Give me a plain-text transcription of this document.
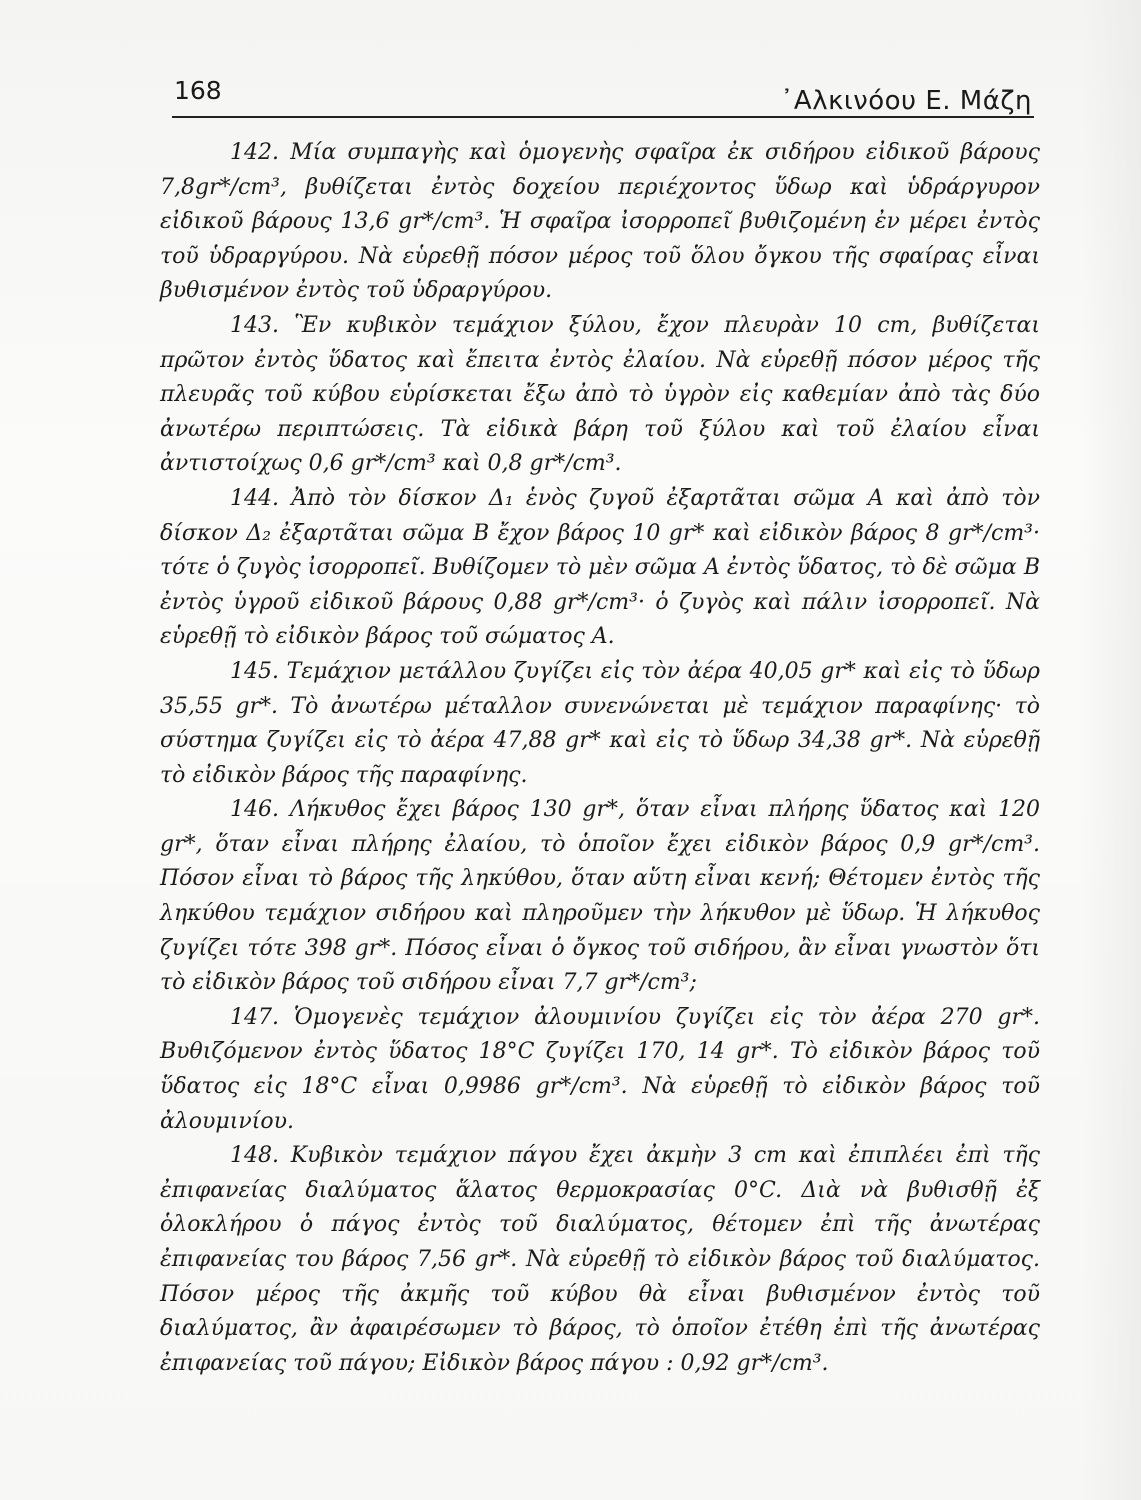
168	᾿Αλκινόου Ε. Μάζη

142. Μία συμπαγὴς καὶ ὁμογενὴς σφαῖρα ἐκ σιδήρου εἰδικοῦ βάρους 7,8gr*/cm³, βυθίζεται ἐντὸς δοχείου περιέχοντος ὕδωρ καὶ ὑδράργυρον εἰδικοῦ βάρους 13,6 gr*/cm³. Ἡ σφαῖρα ἰσορροπεῖ βυθιζομένη ἐν μέρει ἐντὸς τοῦ ὑδραργύρου. Νὰ εὑρεθῇ πόσον μέρος τοῦ ὅλου ὄγκου τῆς σφαίρας εἶναι βυθισμένον ἐντὸς τοῦ ὑδραργύρου.

143. Ἓν κυβικὸν τεμάχιον ξύλου, ἔχον πλευρὰν 10 cm, βυθίζεται πρῶτον ἐντὸς ὕδατος καὶ ἔπειτα ἐντὸς ἐλαίου. Νὰ εὑρεθῇ πόσον μέρος τῆς πλευρᾶς τοῦ κύβου εὑρίσκεται ἔξω ἀπὸ τὸ ὑγρὸν εἰς καθεμίαν ἀπὸ τὰς δύο ἀνωτέρω περιπτώσεις. Τὰ εἰδικὰ βάρη τοῦ ξύλου καὶ τοῦ ἐλαίου εἶναι ἀντιστοίχως 0,6 gr*/cm³ καὶ 0,8 gr*/cm³.

144. Ἀπὸ τὸν δίσκον Δ₁ ἑνὸς ζυγοῦ ἐξαρτᾶται σῶμα Α καὶ ἀπὸ τὸν δίσκον Δ₂ ἐξαρτᾶται σῶμα Β ἔχον βάρος 10 gr* καὶ εἰδικὸν βάρος 8 gr*/cm³· τότε ὁ ζυγὸς ἰσορροπεῖ. Βυθίζομεν τὸ μὲν σῶμα Α ἐντὸς ὕδατος, τὸ δὲ σῶμα Β ἐντὸς ὑγροῦ εἰδικοῦ βάρους 0,88 gr*/cm³· ὁ ζυγὸς καὶ πάλιν ἰσορροπεῖ. Νὰ εὑρεθῇ τὸ εἰδικὸν βάρος τοῦ σώματος Α.

145. Τεμάχιον μετάλλου ζυγίζει εἰς τὸν ἀέρα 40,05 gr* καὶ εἰς τὸ ὕδωρ 35,55 gr*. Τὸ ἀνωτέρω μέταλλον συνενώνεται μὲ τεμάχιον παραφίνης· τὸ σύστημα ζυγίζει εἰς τὸ ἀέρα 47,88 gr* καὶ εἰς τὸ ὕδωρ 34,38 gr*. Νὰ εὑρεθῇ τὸ εἰδικὸν βάρος τῆς παραφίνης.

146. Λήκυθος ἔχει βάρος 130 gr*, ὅταν εἶναι πλήρης ὕδατος καὶ 120 gr*, ὅταν εἶναι πλήρης ἐλαίου, τὸ ὁποῖον ἔχει εἰδικὸν βάρος 0,9 gr*/cm³. Πόσον εἶναι τὸ βάρος τῆς ληκύθου, ὅταν αὕτη εἶναι κενή; Θέτομεν ἐντὸς τῆς ληκύθου τεμάχιον σιδήρου καὶ πληροῦμεν τὴν λήκυθον μὲ ὕδωρ. Ἡ λήκυθος ζυγίζει τότε 398 gr*. Πόσος εἶναι ὁ ὄγκος τοῦ σιδήρου, ἂν εἶναι γνωστὸν ὅτι τὸ εἰδικὸν βάρος τοῦ σιδήρου εἶναι 7,7 gr*/cm³;

147. Ὁμογενὲς τεμάχιον ἀλουμινίου ζυγίζει εἰς τὸν ἀέρα 270 gr*. Βυθιζόμενον ἐντὸς ὕδατος 18°C ζυγίζει 170, 14 gr*. Τὸ εἰδικὸν βάρος τοῦ ὕδατος εἰς 18°C εἶναι 0,9986 gr*/cm³. Νὰ εὑρεθῇ τὸ εἰδικὸν βάρος τοῦ ἀλουμινίου.

148. Κυβικὸν τεμάχιον πάγου ἔχει ἀκμὴν 3 cm καὶ ἐπιπλέει ἐπὶ τῆς ἐπιφανείας διαλύματος ἅλατος θερμοκρασίας 0°C. Διὰ νὰ βυθισθῇ ἐξ ὁλοκλήρου ὁ πάγος ἐντὸς τοῦ διαλύματος, θέτομεν ἐπὶ τῆς ἀνωτέρας ἐπιφανείας του βάρος 7,56 gr*. Νὰ εὑρεθῇ τὸ εἰδικὸν βάρος τοῦ διαλύματος. Πόσον μέρος τῆς ἀκμῆς τοῦ κύβου θὰ εἶναι βυθισμένον ἐντὸς τοῦ διαλύματος, ἂν ἀφαιρέσωμεν τὸ βάρος, τὸ ὁποῖον ἐτέθη ἐπὶ τῆς ἀνωτέρας ἐπιφανείας τοῦ πάγου; Εἰδικὸν βάρος πάγου : 0,92 gr*/cm³.
